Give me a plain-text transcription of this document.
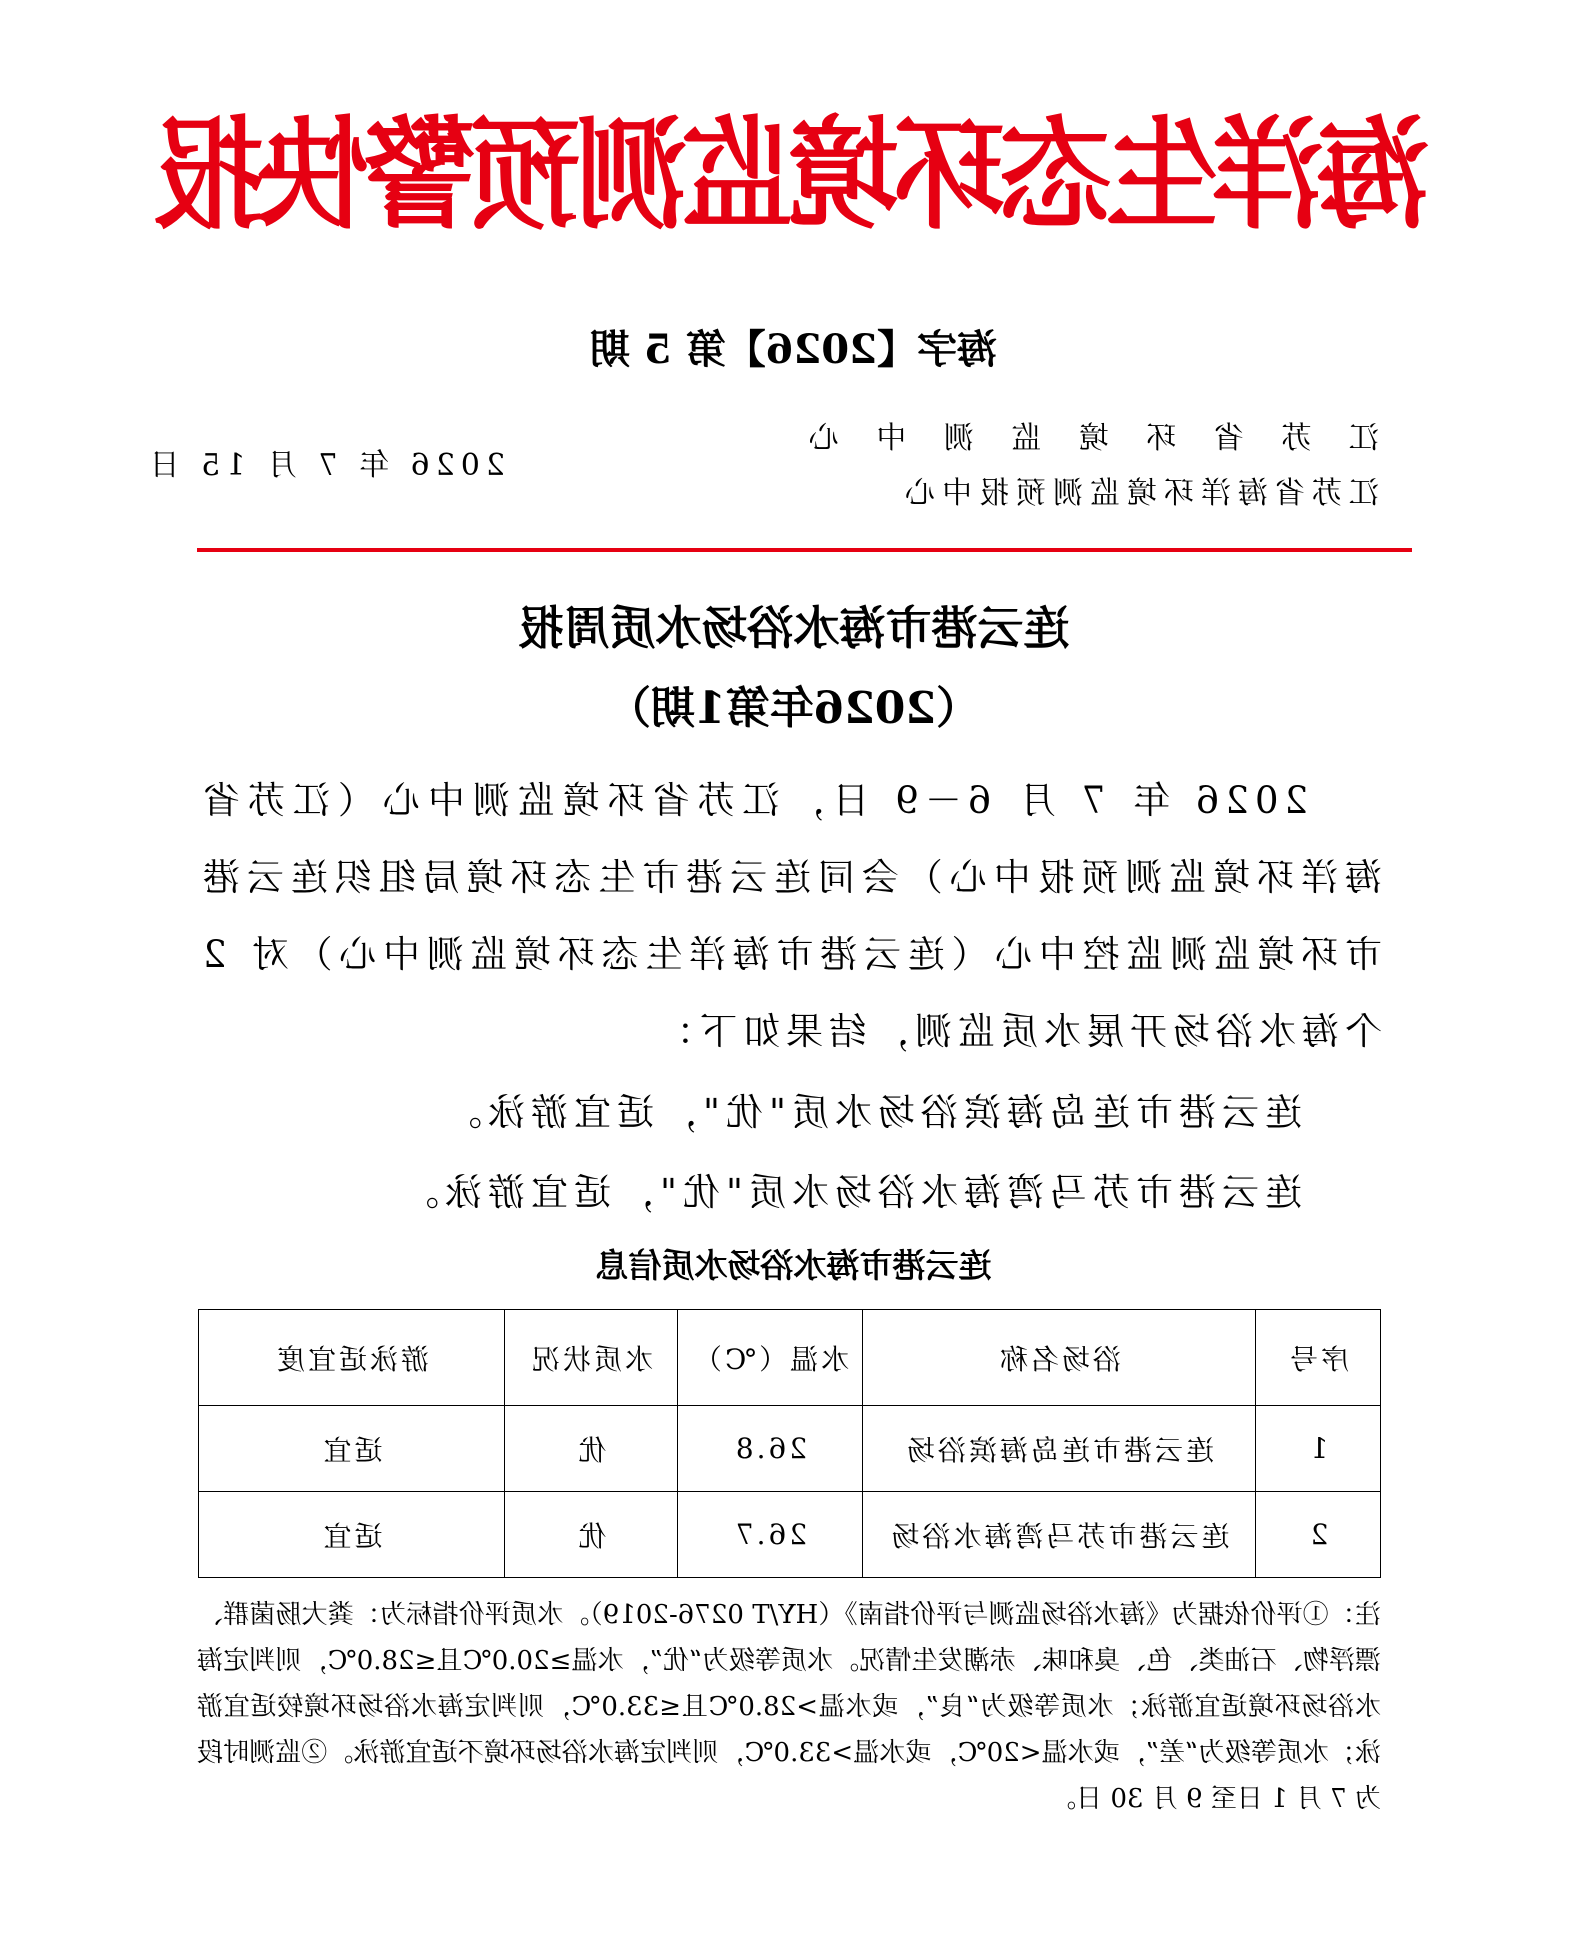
海洋生态环境监测预警快报
海字【2026】第 5 期
江 苏 省 环 境 监 测 中 心
江苏省海洋环境监测预报中心
2026 年 7 月 15 日
连云港市海水浴场水质周报
（2026年第1期）

2026 年 7 月 6－9 日，江苏省环境监测中心（江苏省海洋环境监测预报中心）会同连云港市生态环境局组织连云港市环境监测监控中心（连云港市海洋生态环境监测中心）对 2 个海水浴场开展水质监测，结果如下：

连云港市连岛海滨浴场水质"优"，适宜游泳。

连云港市苏马湾海水浴场水质"优"，适宜游泳。

连云港市海水浴场水质信息
序号	浴场名称	水温（℃）	水质状况	游泳适宜度
1	连云港市连岛海滨浴场	26.8	优	适宜
2	连云港市苏马湾海水浴场	26.7	优	适宜

注：①评价依据为《海水浴场监测与评价指南》（HY/T 0276-2019）。水质评价指标为：粪大肠菌群、漂浮物、石油类、色、臭和味、赤潮发生情况。水质等级为“优”，水温≥20.0℃且≤28.0℃，则判定海水浴场环境适宜游泳；水质等级为“良”，或水温>28.0℃且≤33.0℃，则判定海水浴场环境较适宜游泳；水质等级为“差”，或水温<20℃，或水温>33.0℃，则判定海水浴场环境不适宜游泳。②监测时段为 7 月 1 日至 9 月 30 日。
